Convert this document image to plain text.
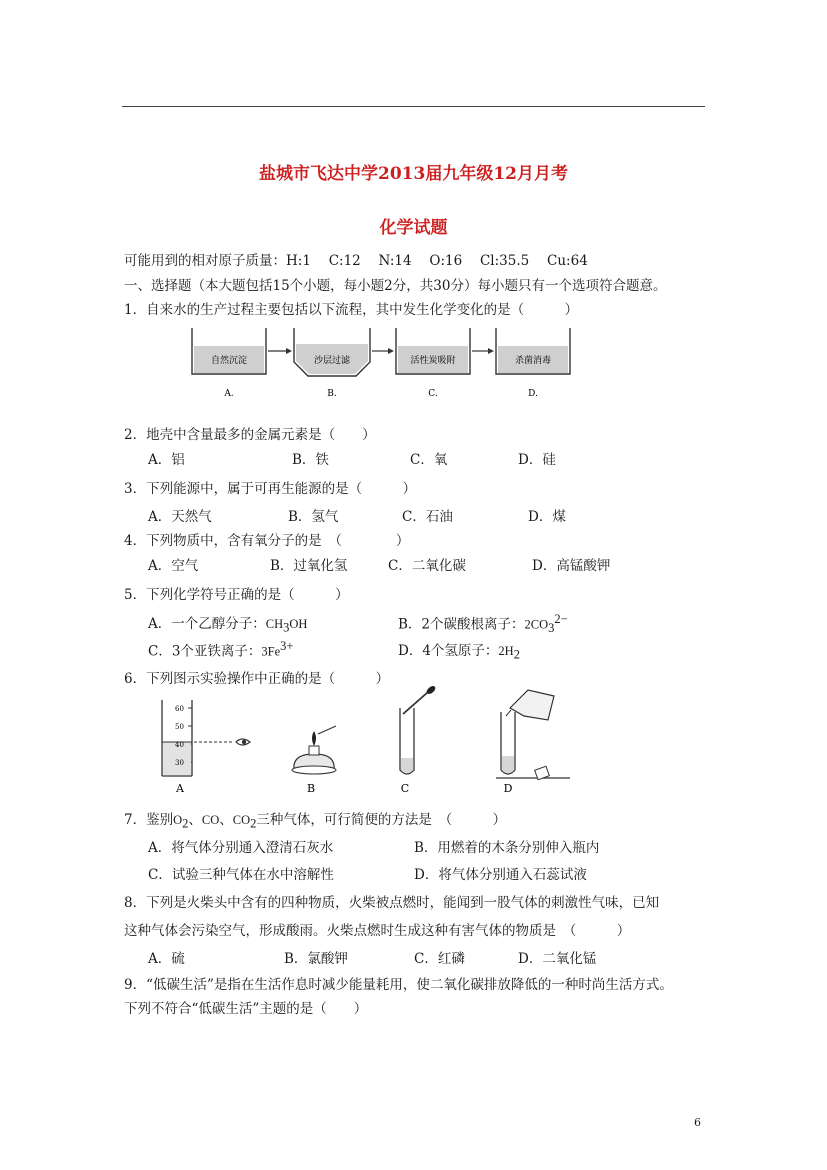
盐城市飞达中学2013届九年级12月月考
化学试题
可能用到的相对原子质量：H:1　 C:12　 N:14　 O:16　 Cl:35.5　 Cu:64
一、选择题（本大题包括15个小题，每小题2分，共30分）每小题只有一个选项符合题意。
1．自来水的生产过程主要包括以下流程，其中发生化学变化的是（　　　）
自然沉淀
A.
沙层过滤
B.
活性炭吸附
C.
杀菌消毒
D.
2．地壳中含量最多的金属元素是（　　）
A．铝	B．铁	C．氧	D．硅
3．下列能源中，属于可再生能源的是（　　　）
A．天然气	B．氢气	C．石油	D．煤
4．下列物质中，含有氧分子的是　（　　　　）
A．空气	B．过氧化氢	C．二氧化碳	D．高锰酸钾
5．下列化学符号正确的是（　　　）
A．一个乙醇分子：$CH_3OH$	B．2个碳酸根离子：$2CO_3^{2-}$
C．3个亚铁离子：$3Fe^{3+}$	D．4个氢原子：$2H_2$
6．下列图示实验操作中正确的是（　　　）
60
50
40
30
A	B	C	D
7．鉴别$O_2$、CO、$CO_2$三种气体，可行简便的方法是　（　　　）
A．将气体分别通入澄清石灰水	B．用燃着的木条分别伸入瓶内
C．试验三种气体在水中溶解性	D．将气体分别通入石蕊试液
8．下列是火柴头中含有的四种物质，火柴被点燃时，能闻到一股气体的刺激性气味，已知
这种气体会污染空气，形成酸雨。火柴点燃时生成这种有害气体的物质是　（　　　）
A．硫	B．氯酸钾	C．红磷	D．二氧化锰
9．“低碳生活”是指在生活作息时减少能量耗用，使二氧化碳排放降低的一种时尚生活方式。
下列不符合“低碳生活”主题的是（　　）
6
